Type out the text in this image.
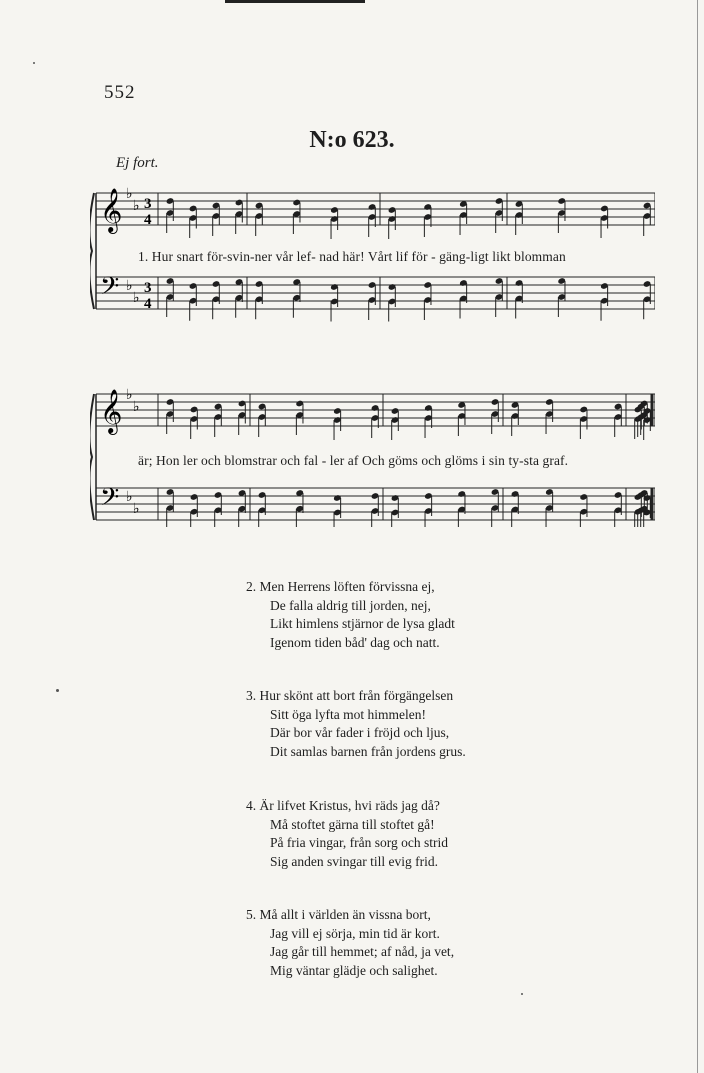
552
N:o 623.
Ej fort.
𝄞
𝄢
♭
♭
♭
♭
3
4
3
4
1. Hur snart för-svin-ner vår lef- nad här! Vårt lif för - gäng-ligt likt blomman
𝄞
𝄢
♭
♭
♭
♭
är; Hon ler och blomstrar och fal - ler af Och göms och glöms i sin ty-sta graf.
2. Men Herrens löften förvissna ej,
De falla aldrig till jorden, nej,
Likt himlens stjärnor de lysa gladt
Igenom tiden båd' dag och natt.
3. Hur skönt att bort från förgängelsen
Sitt öga lyfta mot himmelen!
Där bor vår fader i fröjd och ljus,
Dit samlas barnen från jordens grus.
4. Är lifvet Kristus, hvi räds jag då?
Må stoftet gärna till stoftet gå!
På fria vingar, från sorg och strid
Sig anden svingar till evig frid.
5. Må allt i världen än vissna bort,
Jag vill ej sörja, min tid är kort.
Jag går till hemmet; af nåd, ja vet,
Mig väntar glädje och salighet.
